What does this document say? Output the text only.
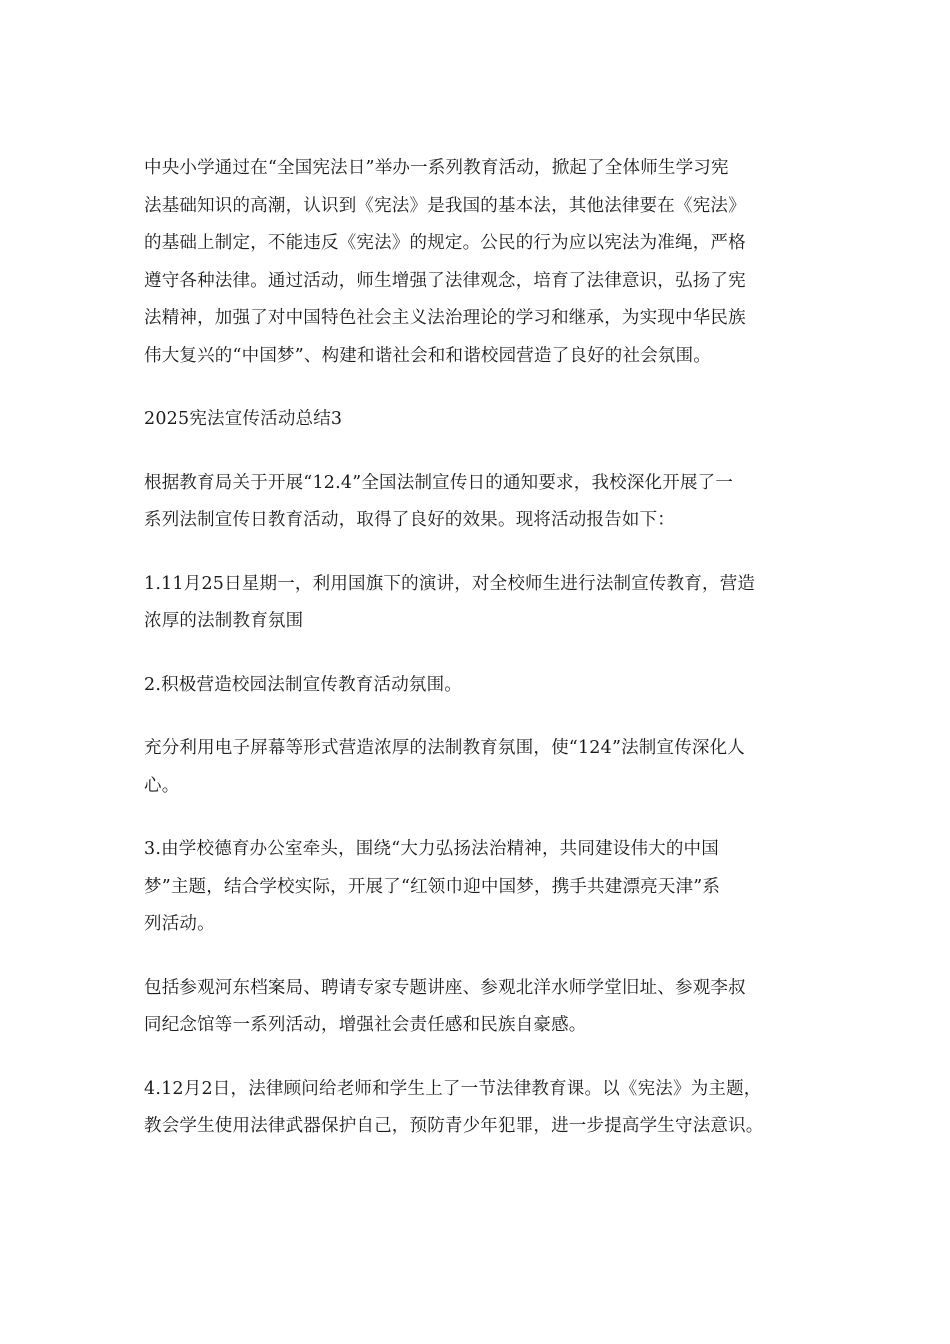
中央小学通过在“全国宪法日”举办一系列教育活动，掀起了全体师生学习宪
法基础知识的高潮，认识到《宪法》是我国的基本法，其他法律要在《宪法》
的基础上制定，不能违反《宪法》的规定。公民的行为应以宪法为准绳，严格
遵守各种法律。通过活动，师生增强了法律观念，培育了法律意识，弘扬了宪
法精神，加强了对中国特色社会主义法治理论的学习和继承，为实现中华民族
伟大复兴的“中国梦”、构建和谐社会和和谐校园营造了良好的社会氛围。

2025宪法宣传活动总结3

根据教育局关于开展“12.4”全国法制宣传日的通知要求，我校深化开展了一
系列法制宣传日教育活动，取得了良好的效果。现将活动报告如下：

1.11月25日星期一，利用国旗下的演讲，对全校师生进行法制宣传教育，营造
浓厚的法制教育氛围

2.积极营造校园法制宣传教育活动氛围。

充分利用电子屏幕等形式营造浓厚的法制教育氛围，使“124”法制宣传深化人
心。

3.由学校德育办公室牵头，围绕“大力弘扬法治精神，共同建设伟大的中国
梦”主题，结合学校实际，开展了“红领巾迎中国梦，携手共建漂亮天津”系
列活动。

包括参观河东档案局、聘请专家专题讲座、参观北洋水师学堂旧址、参观李叔
同纪念馆等一系列活动，增强社会责任感和民族自豪感。

4.12月2日，法律顾问给老师和学生上了一节法律教育课。以《宪法》为主题，
教会学生使用法律武器保护自己，预防青少年犯罪，进一步提高学生守法意识。
